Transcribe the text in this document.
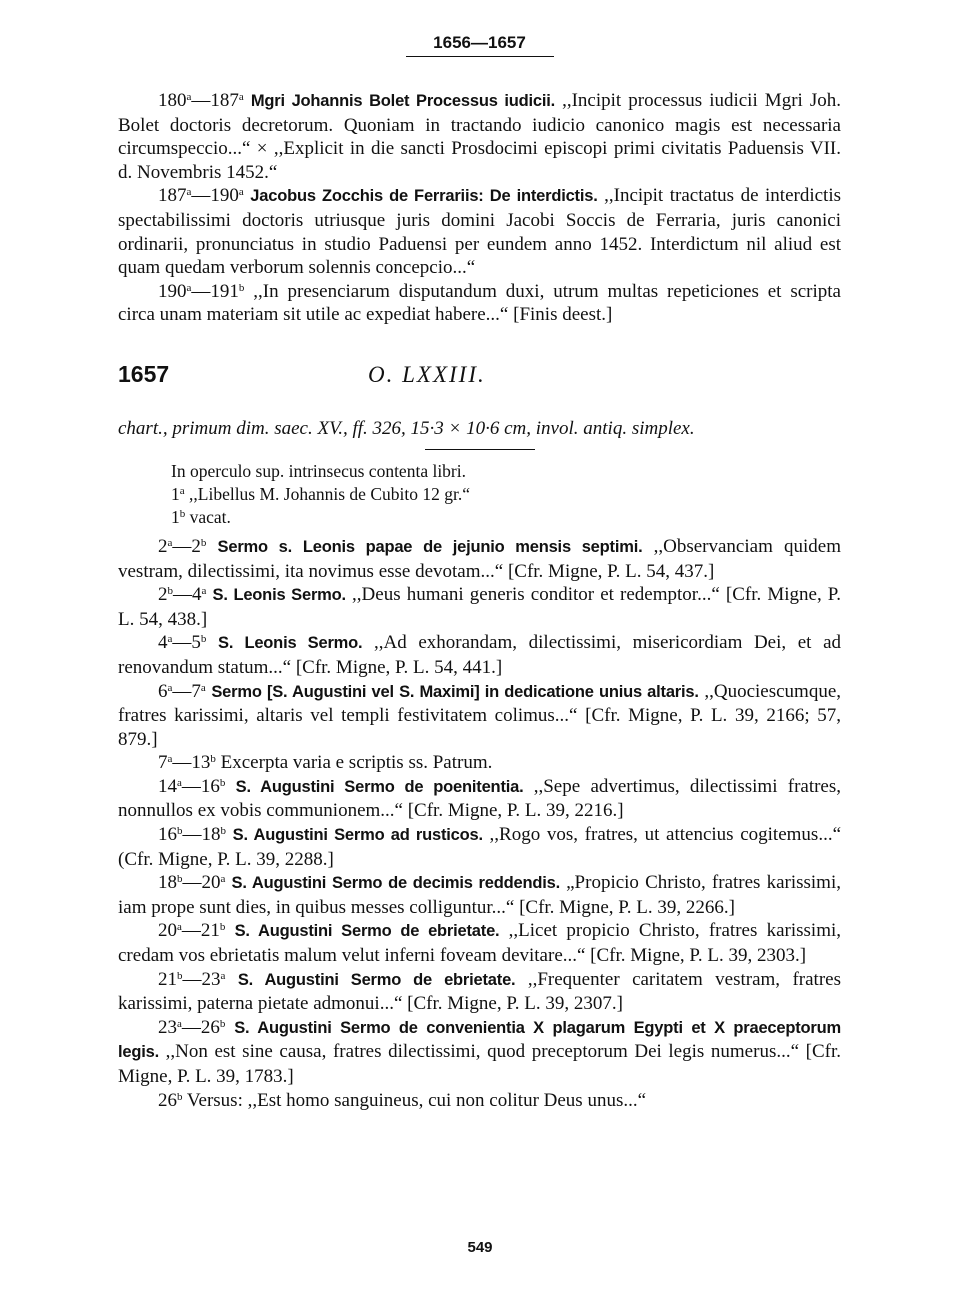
1656—1657

180$^a$—187$^a$ Mgri Johannis Bolet Processus iudicii. ,,Incipit processus iudicii Mgri Joh. Bolet doctoris decretorum. Quoniam in tractando iudicio canonico magis est necessaria circumspeccio...“ × ,,Explicit in die sancti Prosdocimi episcopi primi civitatis Paduensis VII. d. Novembris 1452.“

187$^a$—190$^a$ Jacobus Zocchis de Ferrariis: De interdictis. ,,Incipit tractatus de interdictis spectabilissimi doctoris utriusque juris domini Jacobi Soccis de Ferraria, juris canonici ordinarii, pronunciatus in studio Paduensi per eundem anno 1452. Interdictum nil aliud est quam quedam verborum solennis concepcio...“

190$^a$—191$^b$ ,,In presenciarum disputandum duxi, utrum multas repeticiones et scripta circa unam materiam sit utile ac expediat habere...“ [Finis deest.]

1657	O. LXXIII.

chart., primum dim. saec. XV., ff. 326, 15·3 × 10·6 cm, invol. antiq. simplex.

In operculo sup. intrinsecus contenta libri.

1$^a$ ,,Libellus M. Johannis de Cubito 12 gr.“

1$^b$ vacat.

2$^a$—2$^b$ Sermo s. Leonis papae de jejunio mensis septimi. ,,Observanciam quidem vestram, dilectissimi, ita novimus esse devotam...“ [Cfr. Migne, P. L. 54, 437.]

2$^b$—4$^a$ S. Leonis Sermo. ,,Deus humani generis conditor et redemptor...“ [Cfr. Migne, P. L. 54, 438.]

4$^a$—5$^b$ S. Leonis Sermo. ,,Ad exhorandam, dilectissimi, misericordiam Dei, et ad renovandum statum...“ [Cfr. Migne, P. L. 54, 441.]

6$^a$—7$^a$ Sermo [S. Augustini vel S. Maximi] in dedicatione unius altaris. ,,Quociescumque, fratres karissimi, altaris vel templi festivitatem colimus...“ [Cfr. Migne, P. L. 39, 2166; 57, 879.]

7$^a$—13$^b$ Excerpta varia e scriptis ss. Patrum.

14$^a$—16$^b$ S. Augustini Sermo de poenitentia. ,,Sepe advertimus, dilectissimi fratres, nonnullos ex vobis communionem...“ [Cfr. Migne, P. L. 39, 2216.]

16$^b$—18$^b$ S. Augustini Sermo ad rusticos. ,,Rogo vos, fratres, ut attencius cogitemus...“ (Cfr. Migne, P. L. 39, 2288.]

18$^b$—20$^a$ S. Augustini Sermo de decimis reddendis. „Propicio Christo, fratres karissimi, iam prope sunt dies, in quibus messes colliguntur...“ [Cfr. Migne, P. L. 39, 2266.]

20$^a$—21$^b$ S. Augustini Sermo de ebrietate. ,,Licet propicio Christo, fratres karissimi, credam vos ebrietatis malum velut inferni foveam devitare...“ [Cfr. Migne, P. L. 39, 2303.]

21$^b$—23$^a$ S. Augustini Sermo de ebrietate. ,,Frequenter caritatem vestram, fratres karissimi, paterna pietate admonui...“ [Cfr. Migne, P. L. 39, 2307.]

23$^a$—26$^b$ S. Augustini Sermo de convenientia X plagarum Egypti et X praeceptorum legis. ,,Non est sine causa, fratres dilectissimi, quod preceptorum Dei legis numerus...“ [Cfr. Migne, P. L. 39, 1783.]

26$^b$ Versus: ,,Est homo sanguineus, cui non colitur Deus unus...“

549
